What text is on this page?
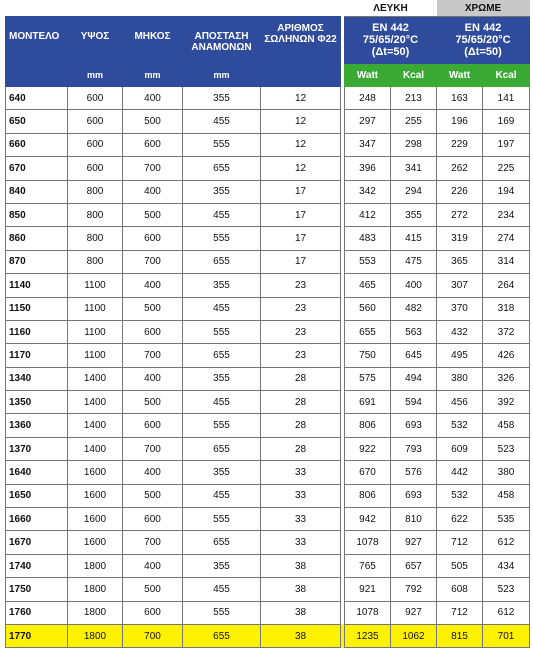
						ΛΕΥΚΗ		ΧΡΩΜΕ	
ΜΟΝΤΕΛΟ	ΥΨΟΣ	ΜΗΚΟΣ	ΑΠΟΣΤΑΣΗ ΑΝΑΜΟΝΩΝ	ΑΡΙΘΜΟΣ ΣΩΛΗΝΩΝ Φ22		EN 442 75/65/20°C (Δt=50)		EN 442 75/65/20°C (Δt=50)	
	mm	mm	mm			Watt	Kcal	Watt	Kcal
640	600	400	355	12		248	213	163	141
650	600	500	455	12		297	255	196	169
660	600	600	555	12		347	298	229	197
670	600	700	655	12		396	341	262	225
840	800	400	355	17		342	294	226	194
850	800	500	455	17		412	355	272	234
860	800	600	555	17		483	415	319	274
870	800	700	655	17		553	475	365	314
1140	1100	400	355	23		465	400	307	264
1150	1100	500	455	23		560	482	370	318
1160	1100	600	555	23		655	563	432	372
1170	1100	700	655	23		750	645	495	426
1340	1400	400	355	28		575	494	380	326
1350	1400	500	455	28		691	594	456	392
1360	1400	600	555	28		806	693	532	458
1370	1400	700	655	28		922	793	609	523
1640	1600	400	355	33		670	576	442	380
1650	1600	500	455	33		806	693	532	458
1660	1600	600	555	33		942	810	622	535
1670	1600	700	655	33		1078	927	712	612
1740	1800	400	355	38		765	657	505	434
1750	1800	500	455	38		921	792	608	523
1760	1800	600	555	38		1078	927	712	612
1770	1800	700	655	38		1235	1062	815	701
